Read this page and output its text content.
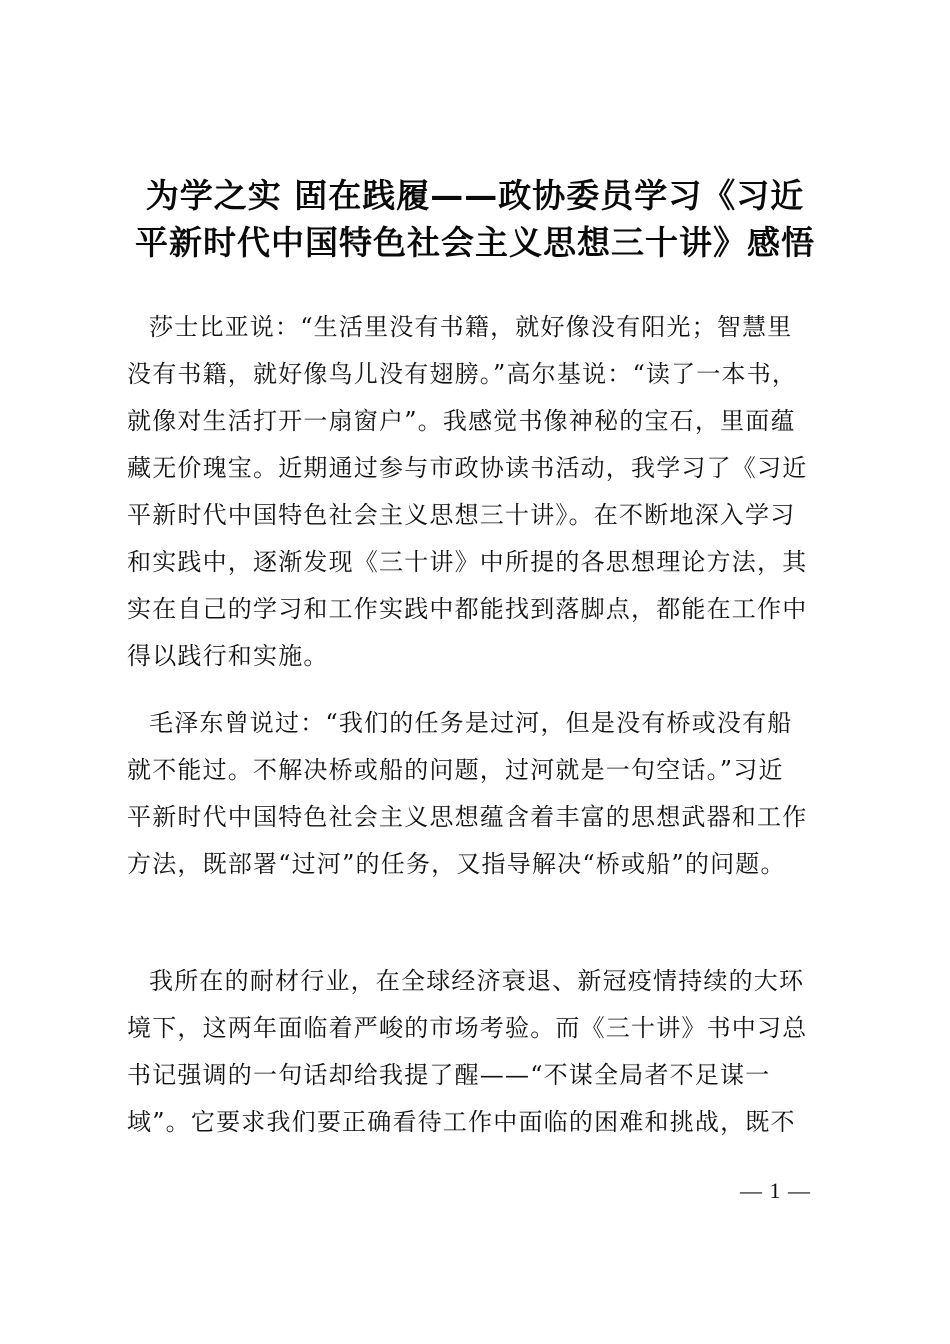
为学之实 固在践履——政协委员学习《习近
平新时代中国特色社会主义思想三十讲》感悟
莎士比亚说：“生活里没有书籍，就好像没有阳光；智慧里
没有书籍，就好像鸟儿没有翅膀。”高尔基说：“读了一本书，
就像对生活打开一扇窗户”。我感觉书像神秘的宝石，里面蕴
藏无价瑰宝。近期通过参与市政协读书活动，我学习了《习近
平新时代中国特色社会主义思想三十讲》。在不断地深入学习
和实践中，逐渐发现《三十讲》中所提的各思想理论方法，其
实在自己的学习和工作实践中都能找到落脚点，都能在工作中
得以践行和实施。
毛泽东曾说过：“我们的任务是过河，但是没有桥或没有船
就不能过。不解决桥或船的问题，过河就是一句空话。”习近
平新时代中国特色社会主义思想蕴含着丰富的思想武器和工作
方法，既部署“过河”的任务，又指导解决“桥或船”的问题。
我所在的耐材行业，在全球经济衰退、新冠疫情持续的大环
境下，这两年面临着严峻的市场考验。而《三十讲》书中习总
书记强调的一句话却给我提了醒——“不谋全局者不足谋一
域”。它要求我们要正确看待工作中面临的困难和挑战，既不
— 1 —
